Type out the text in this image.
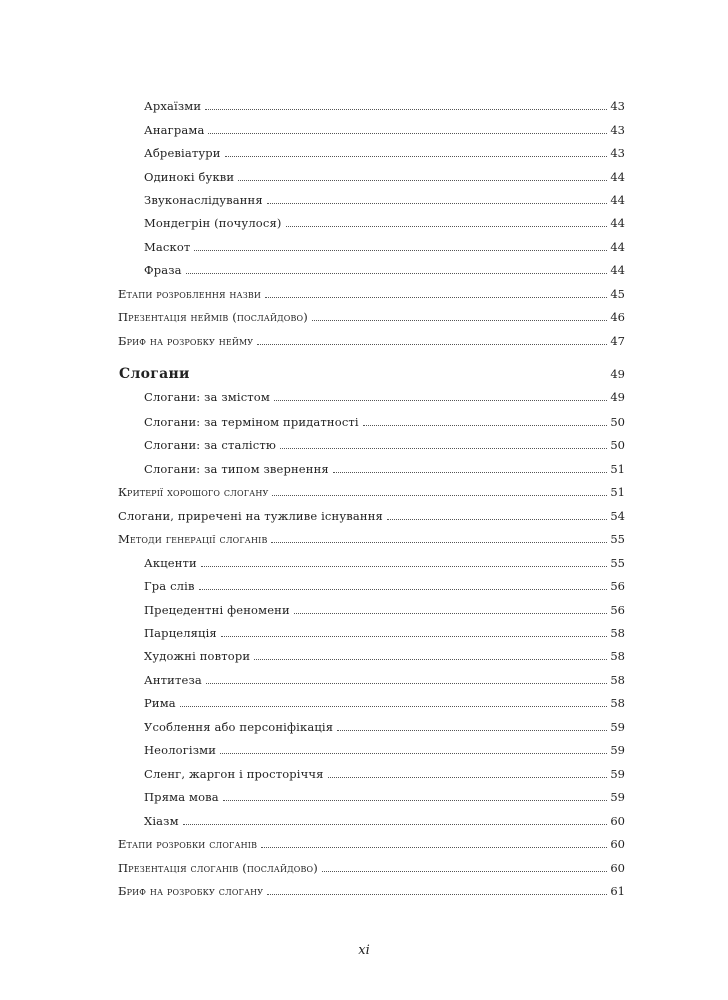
Архаїзми	43
Анаграма	43
Абревіатури	43
Одинокі букви	44
Звуконаслідування	44
Мондегрін (почулося)	44
Маскот	44
Фраза	44
Етапи розроблення назви	45
Презентація неймів (послайдово)	46
Бриф на розробку нейму	47
Слогани	49
Слогани: за змістом	49
Слогани: за терміном придатності	50
Слогани: за сталістю	50
Слогани: за типом звернення	51
Критерії хорошого слогану	51
Слогани, приречені на тужливе існування	54
Методи генерації слоганів	55
Акценти	55
Гра слів	56
Прецедентні феномени	56
Парцеляція	58
Художні повтори	58
Антитеза	58
Рима	58
Усоблення або персоніфікація	59
Неологізми	59
Сленг, жаргон і просторіччя	59
Пряма мова	59
Хіазм	60
Етапи розробки слоганів	60
Презентація слоганів (послайдово)	60
Бриф на розробку слогану	61
xi
